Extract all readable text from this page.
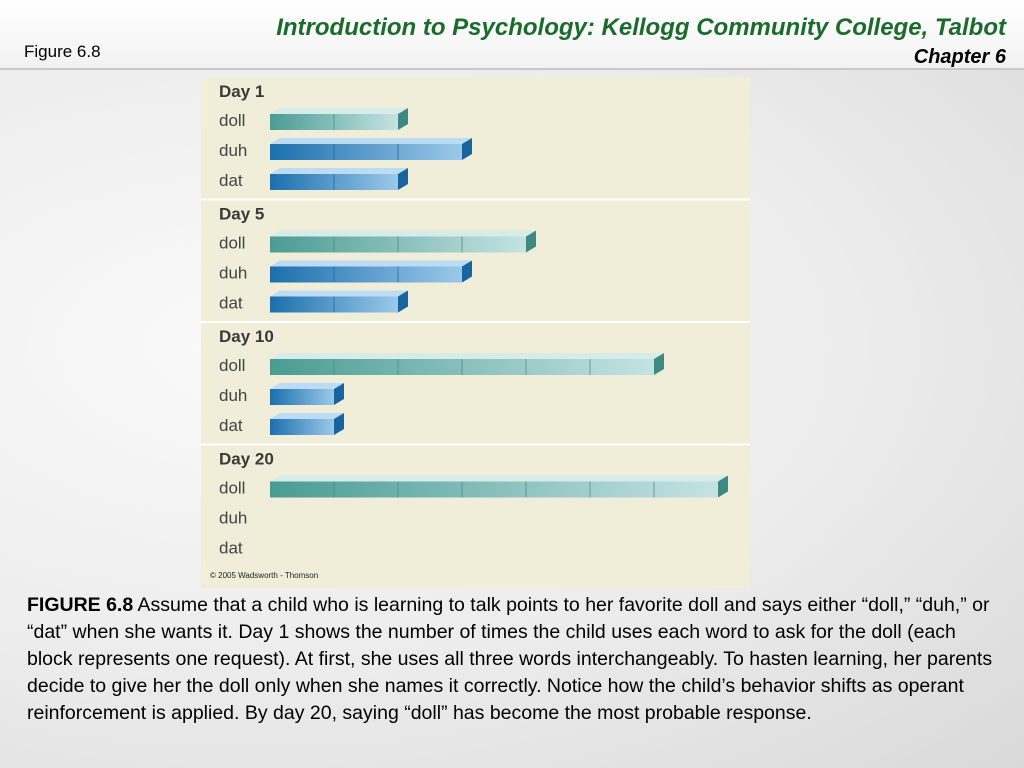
Figure 6.8
Introduction to Psychology: Kellogg Community College, Talbot
Chapter 6
Day 1
doll
duh
dat
Day 5
doll
duh
dat
Day 10
doll
duh
dat
Day 20
doll
duh
dat
© 2005 Wadsworth - Thomson
FIGURE 6.8 Assume that a child who is learning to talk points to her favorite doll and says either “doll,” “duh,” or “dat” when she wants it. Day 1 shows the number of times the child uses each word to ask for the doll (each block represents one request). At first, she uses all three words interchangeably. To hasten learning, her parents decide to give her the doll only when she names it correctly. Notice how the child’s behavior shifts as operant reinforcement is applied. By day 20, saying “doll” has become the most probable response.
